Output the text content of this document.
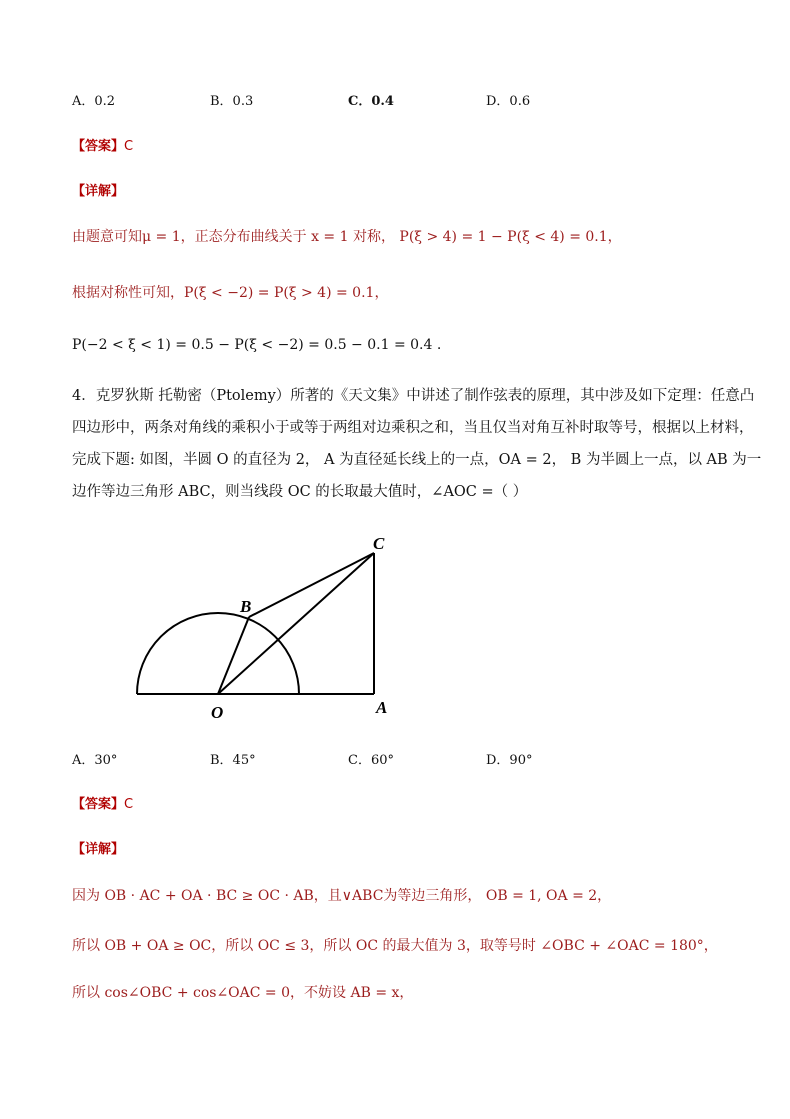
A．0.2	B．0.3	C．0.4	D．0.6
【答案】C
【详解】
由题意可知μ = 1，正态分布曲线关于 x = 1 对称， P(ξ > 4) = 1 − P(ξ < 4) = 0.1，
根据对称性可知，P(ξ < −2) = P(ξ > 4) = 0.1，
P(−2 < ξ < 1) = 0.5 − P(ξ < −2) = 0.5 − 0.1 = 0.4 .
4．克罗狄斯 托勒密（Ptolemy）所著的《天文集》中讲述了制作弦表的原理，其中涉及如下定理：任意凸
四边形中，两条对角线的乘积小于或等于两组对边乘积之和，当且仅当对角互补时取等号，根据以上材料，
完成下题: 如图，半圆 O 的直径为 2， A 为直径延长线上的一点，OA = 2， B 为半圆上一点，以 AB 为一
边作等边三角形 ABC，则当线段 OC 的长取最大值时，∠AOC =（ ）
C
B
O	A
A．30°	B．45°	C．60°	D．90°
【答案】C
【详解】
因为 OB · AC + OA · BC ≥ OC · AB，且∨ABC为等边三角形， OB = 1, OA = 2，
所以 OB + OA ≥ OC，所以 OC ≤ 3，所以 OC 的最大值为 3，取等号时 ∠OBC + ∠OAC = 180°，
所以 cos∠OBC + cos∠OAC = 0，不妨设 AB = x，
